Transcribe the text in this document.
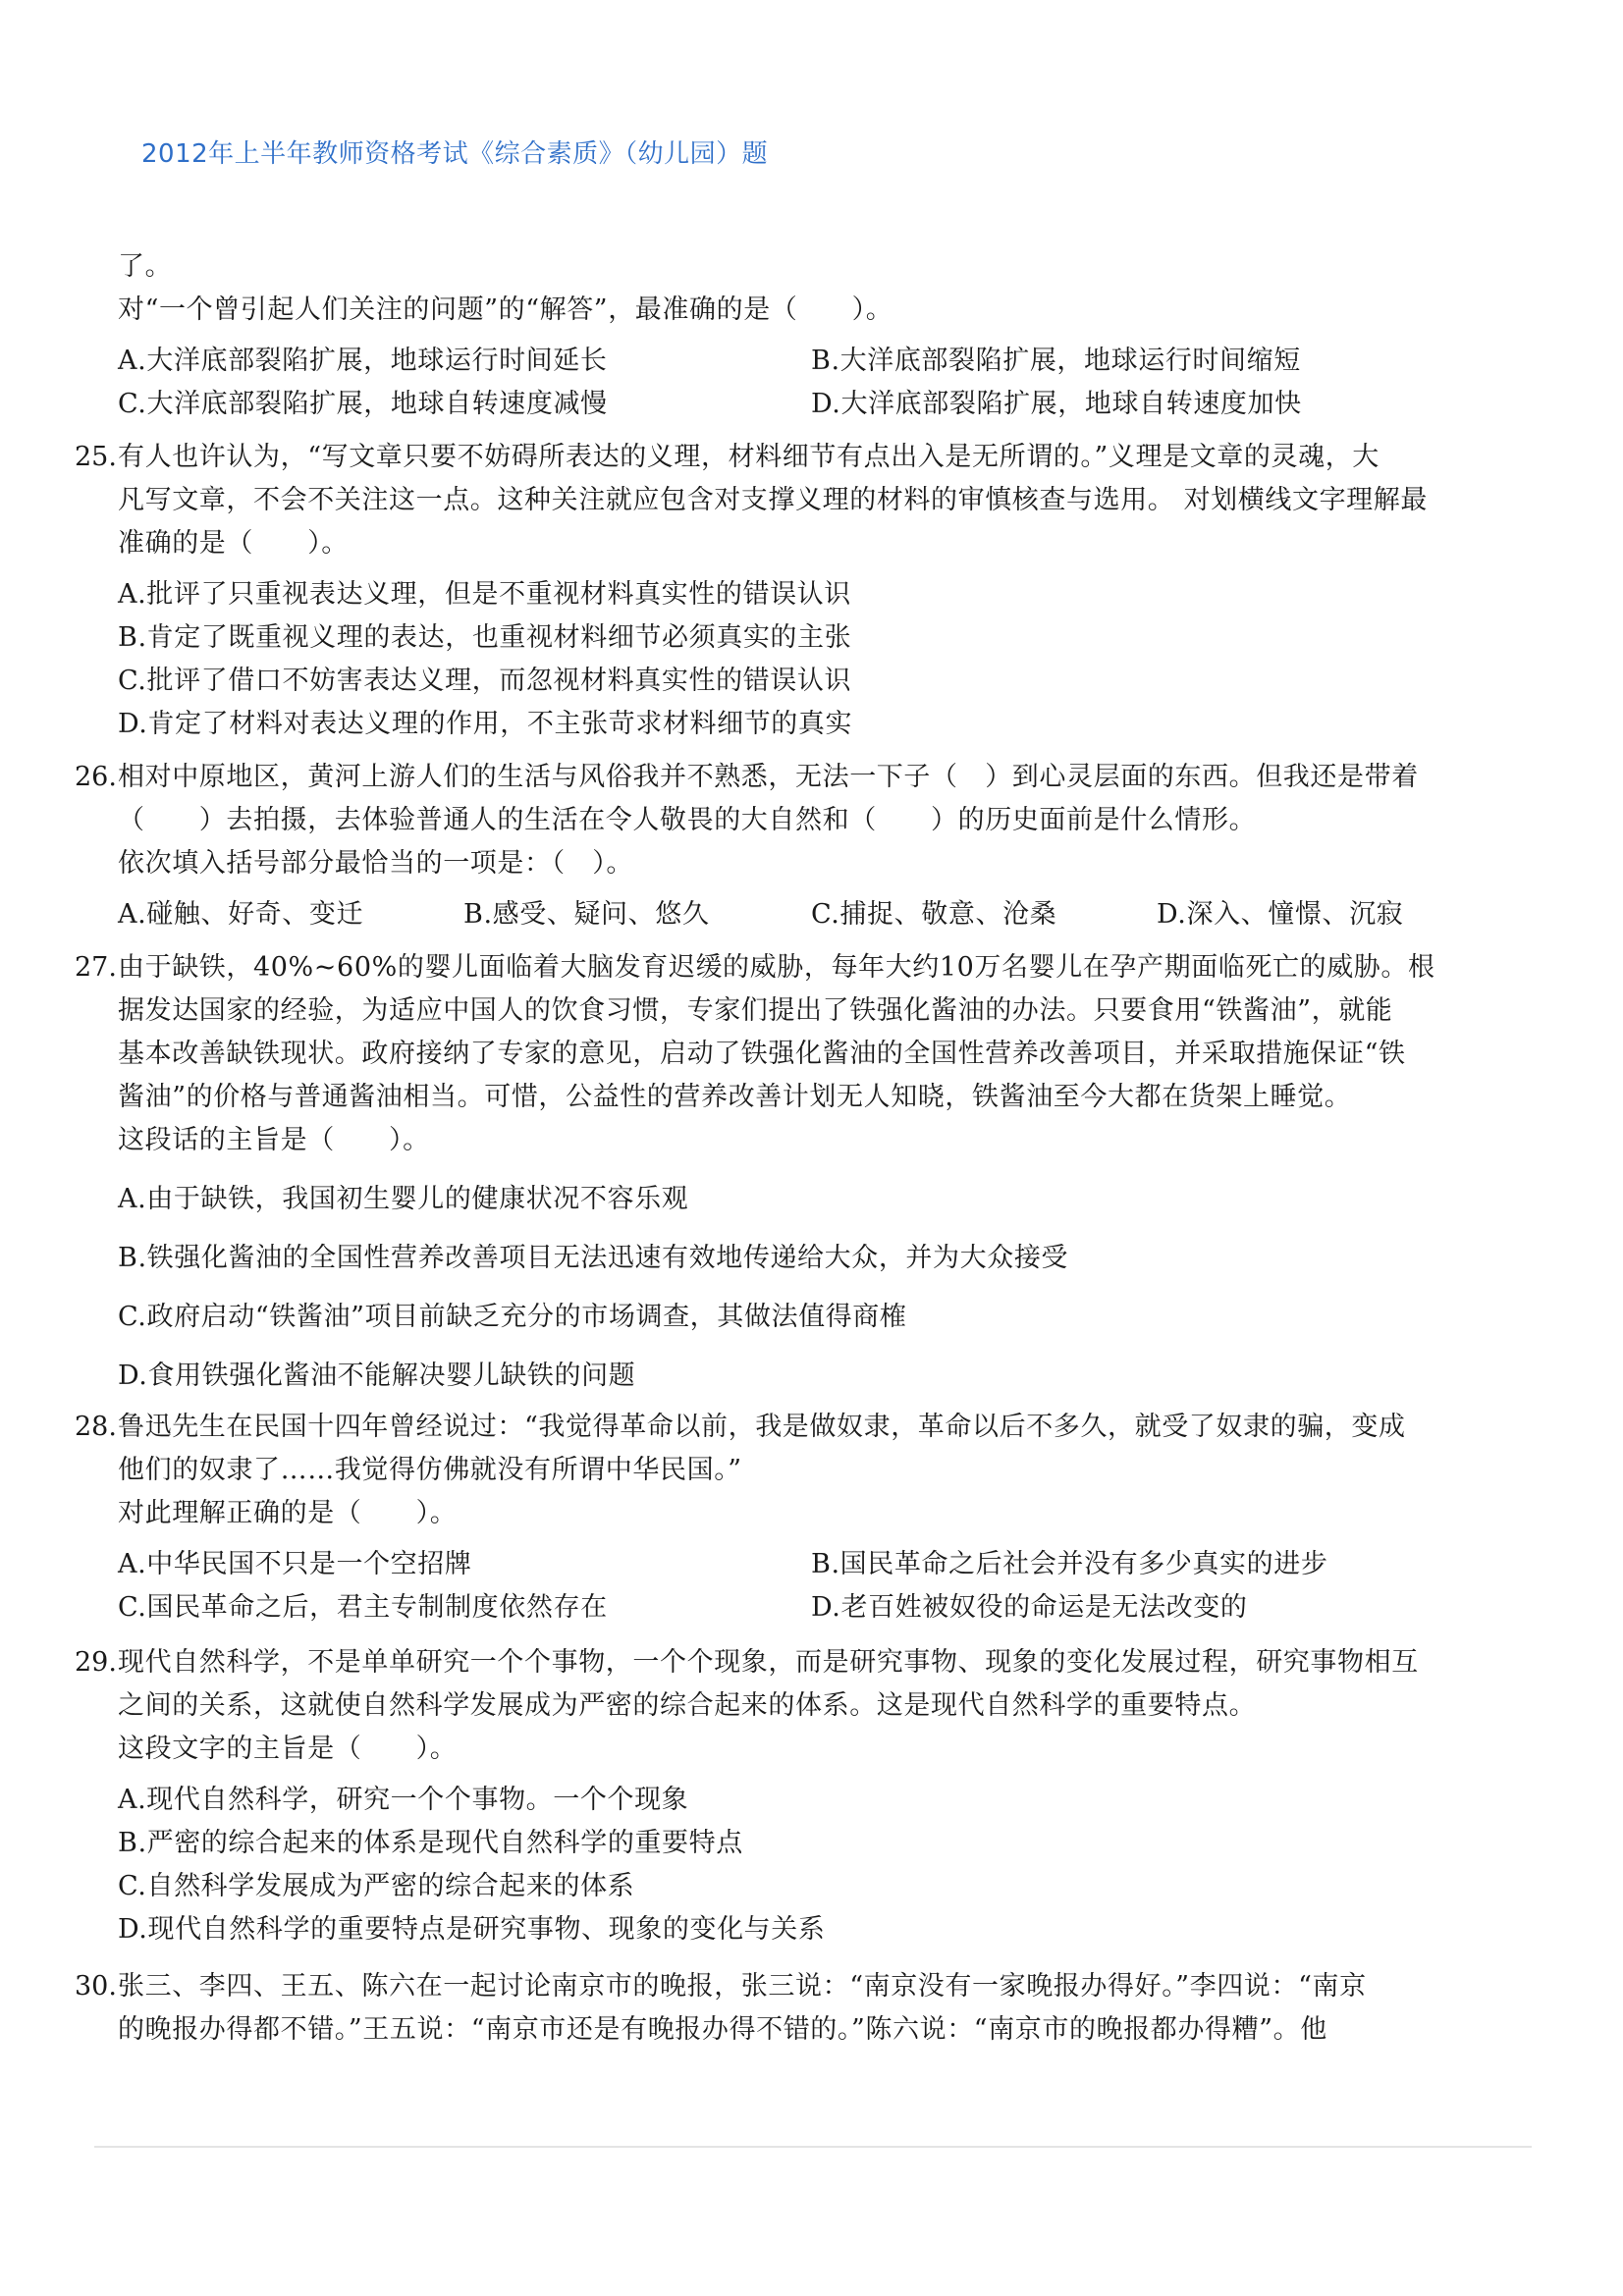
2012年上半年教师资格考试《综合素质》（幼儿园）题
了。
对“一个曾引起人们关注的问题”的“解答”，最准确的是（　　）。
A.大洋底部裂陷扩展，地球运行时间延长	B.大洋底部裂陷扩展，地球运行时间缩短
C.大洋底部裂陷扩展，地球自转速度减慢	D.大洋底部裂陷扩展，地球自转速度加快
25. 有人也许认为，“写文章只要不妨碍所表达的义理，材料细节有点出入是无所谓的。”义理是文章的灵魂，大
凡写文章，不会不关注这一点。这种关注就应包含对支撑义理的材料的审慎核查与选用。 对划横线文字理解最
准确的是（　　）。
A.批评了只重视表达义理，但是不重视材料真实性的错误认识
B.肯定了既重视义理的表达，也重视材料细节必须真实的主张
C.批评了借口不妨害表达义理，而忽视材料真实性的错误认识
D.肯定了材料对表达义理的作用，不主张苛求材料细节的真实
26. 相对中原地区，黄河上游人们的生活与风俗我并不熟悉，无法一下子（　）到心灵层面的东西。但我还是带着
（　　）去拍摄，去体验普通人的生活在令人敬畏的大自然和（　　）的历史面前是什么情形。
依次填入括号部分最恰当的一项是：（　）。
A.碰触、好奇、变迁	B.感受、疑问、悠久	C.捕捉、敬意、沧桑	D.深入、憧憬、沉寂
27. 由于缺铁，40%~60%的婴儿面临着大脑发育迟缓的威胁，每年大约10万名婴儿在孕产期面临死亡的威胁。根
据发达国家的经验，为适应中国人的饮食习惯，专家们提出了铁强化酱油的办法。只要食用“铁酱油”，就能
基本改善缺铁现状。政府接纳了专家的意见，启动了铁强化酱油的全国性营养改善项目，并采取措施保证“铁
酱油”的价格与普通酱油相当。可惜，公益性的营养改善计划无人知晓，铁酱油至今大都在货架上睡觉。
这段话的主旨是（　　）。
A.由于缺铁，我国初生婴儿的健康状况不容乐观
B.铁强化酱油的全国性营养改善项目无法迅速有效地传递给大众，并为大众接受
C.政府启动“铁酱油”项目前缺乏充分的市场调查，其做法值得商榷
D.食用铁强化酱油不能解决婴儿缺铁的问题
28. 鲁迅先生在民国十四年曾经说过：“我觉得革命以前，我是做奴隶，革命以后不多久，就受了奴隶的骗，变成
他们的奴隶了……我觉得仿佛就没有所谓中华民国。”
对此理解正确的是（　　）。
A.中华民国不只是一个空招牌	B.国民革命之后社会并没有多少真实的进步
C.国民革命之后，君主专制制度依然存在	D.老百姓被奴役的命运是无法改变的
29. 现代自然科学，不是单单研究一个个事物，一个个现象，而是研究事物、现象的变化发展过程，研究事物相互
之间的关系，这就使自然科学发展成为严密的综合起来的体系。这是现代自然科学的重要特点。
这段文字的主旨是（　　）。
A.现代自然科学，研究一个个事物。一个个现象
B.严密的综合起来的体系是现代自然科学的重要特点
C.自然科学发展成为严密的综合起来的体系
D.现代自然科学的重要特点是研究事物、现象的变化与关系
30. 张三、李四、王五、陈六在一起讨论南京市的晚报，张三说：“南京没有一家晚报办得好。”李四说：“南京
的晚报办得都不错。”王五说：“南京市还是有晚报办得不错的。”陈六说：“南京市的晚报都办得糟”。他
